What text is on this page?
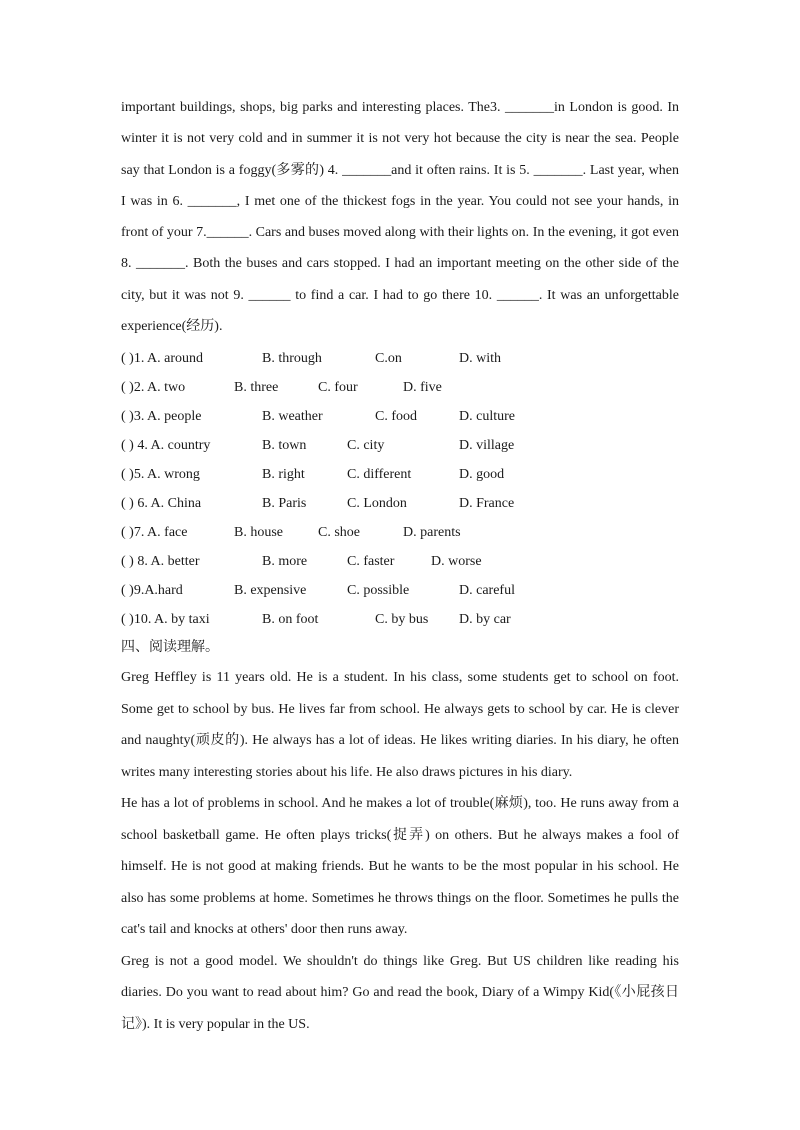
important buildings, shops, big parks and interesting places. The3. _______in London is good. In winter it is not very cold and in summer it is not very hot because the city is near the sea. People say that London is a foggy(多雾的) 4. _______and it often rains. It is 5. _______. Last year, when I was in 6. _______, I met one of the thickest fogs in the year. You could not see your hands, in front of your 7.______. Cars and buses moved along with their lights on. In the evening, it got even 8. _______. Both the buses and cars stopped. I had an important meeting on the other side of the city, but it was not 9. ______ to find a car. I had to go there 10. ______. It was an unforgettable experience(经历).

( )1. A. around	B. through	C.on	D. with
( )2. A. two	B. three	C. four	D. five
( )3. A. people	B. weather	C. food	D. culture
( ) 4. A. country	B. town	C. city	D. village
( )5. A. wrong	B. right	C. different	D. good
( ) 6. A. China	B. Paris	C. London	D. France
( )7. A. face	B. house	C. shoe	D. parents
( ) 8. A. better	B. more	C. faster	D. worse
( )9.A.hard	B. expensive	C. possible	D. careful
( )10. A. by taxi	B. on foot	C. by bus D. by car

四、阅读理解。

Greg Heffley is 11 years old. He is a student. In his class, some students get to school on foot. Some get to school by bus. He lives far from school. He always gets to school by car. He is clever and naughty(顽皮的). He always has a lot of ideas. He likes writing diaries. In his diary, he often writes many interesting stories about his life. He also draws pictures in his diary.

He has a lot of problems in school. And he makes a lot of trouble(麻烦), too. He runs away from a school basketball game. He often plays tricks(捉弄) on others. But he always makes a fool of himself. He is not good at making friends. But he wants to be the most popular in his school. He also has some problems at home. Sometimes he throws things on the floor. Sometimes he pulls the cat's tail and knocks at others' door then runs away.

Greg is not a good model. We shouldn't do things like Greg. But US children like reading his diaries. Do you want to read about him? Go and read the book, Diary of a Wimpy Kid(《小屁孩日记》). It is very popular in the US.
